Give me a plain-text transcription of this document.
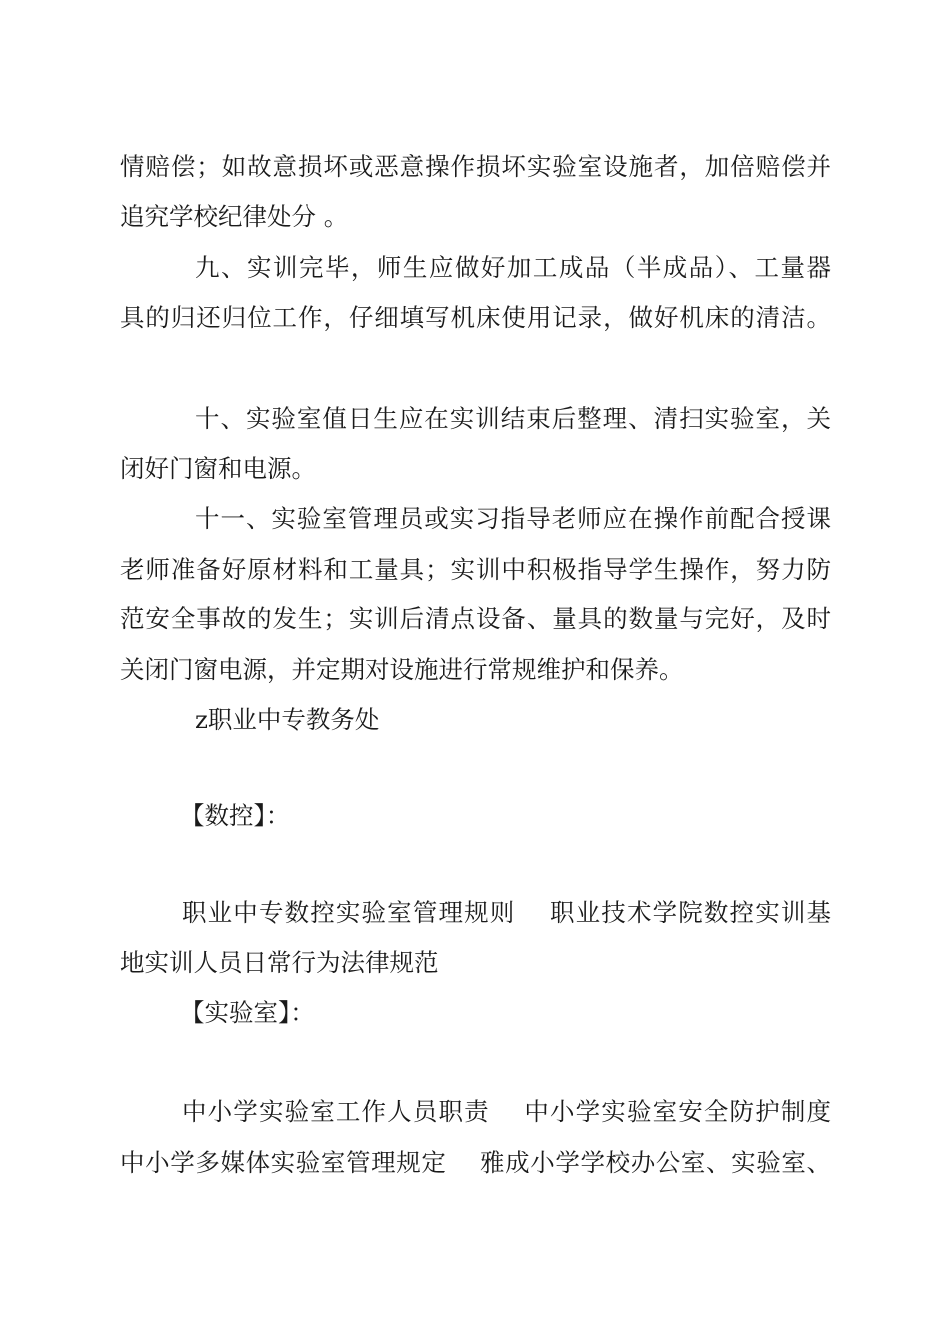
情赔偿；如故意损坏或恶意操作损坏实验室设施者，加倍赔偿并
追究学校纪律处分 。
九、实训完毕，师生应做好加工成品（半成品）、工量器
具的归还归位工作，仔细填写机床使用记录，做好机床的清洁。
十、实验室值日生应在实训结束后整理、清扫实验室，关
闭好门窗和电源。
十一、实验室管理员或实习指导老师应在操作前配合授课
老师准备好原材料和工量具；实训中积极指导学生操作，努力防
范安全事故的发生；实训后清点设备、量具的数量与完好，及时
关闭门窗电源，并定期对设施进行常规维护和保养。
z职业中专教务处
【数控】：
职业中专数控实验室管理规则　 职业技术学院数控实训基
地实训人员日常行为法律规范
【实验室】：
中小学实验室工作人员职责　 中小学实验室安全防护制度
中小学多媒体实验室管理规定　 雅成小学学校办公室、实验室、
